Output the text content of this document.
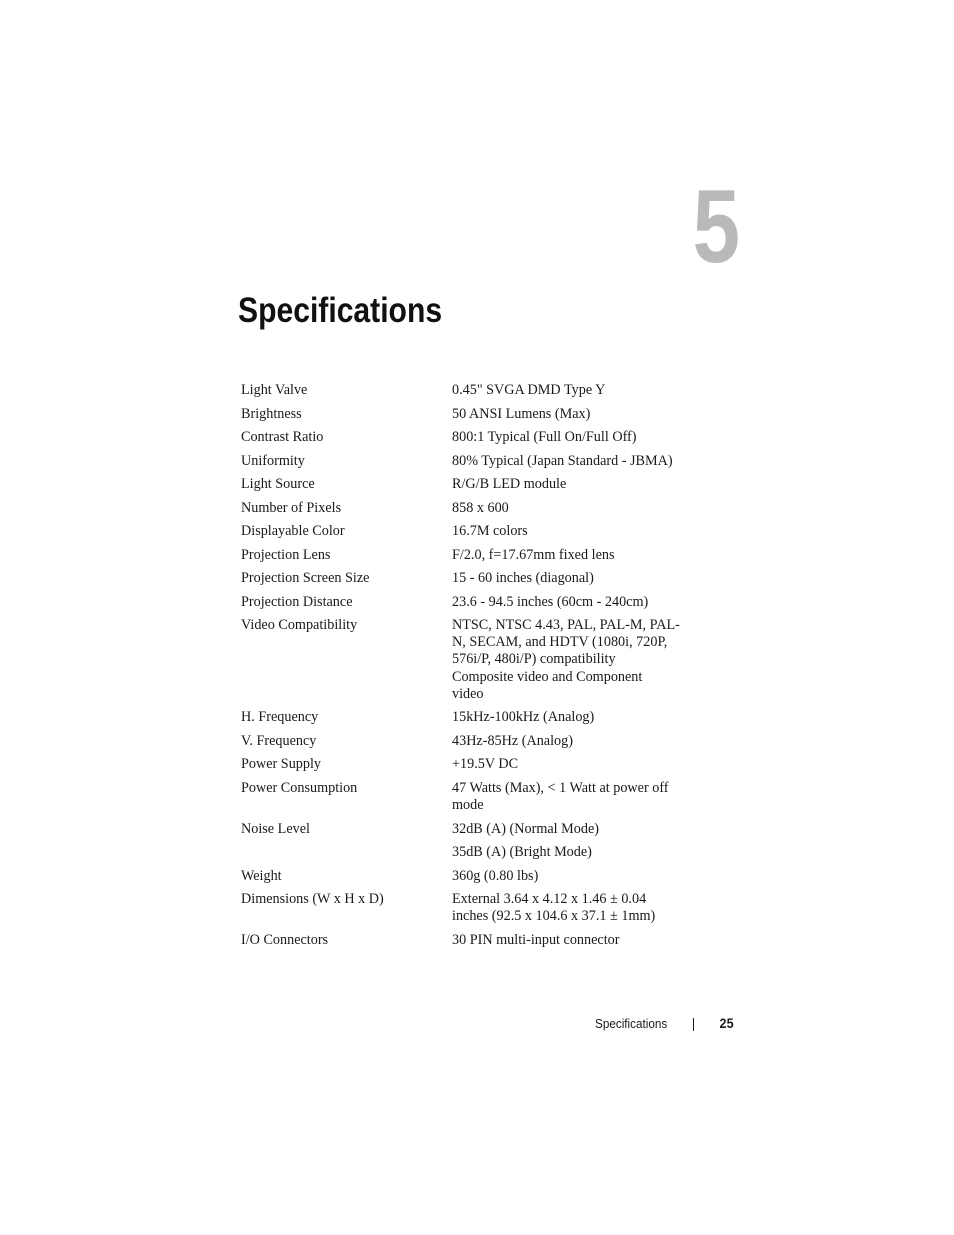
5
Specifications
Light Valve	0.45" SVGA DMD Type Y

Brightness	50 ANSI Lumens (Max)

Contrast Ratio	800:1 Typical (Full On/Full Off)

Uniformity	80% Typical (Japan Standard - JBMA)

Light Source	R/G/B LED module

Number of Pixels	858 x 600

Displayable Color	16.7M colors

Projection Lens	F/2.0, f=17.67mm fixed lens

Projection Screen Size	15 - 60 inches (diagonal)

Projection Distance	23.6 - 94.5 inches (60cm - 240cm)

Video Compatibility	NTSC, NTSC 4.43, PAL, PAL-M, PAL-
N, SECAM, and HDTV (1080i, 720P,
576i/P, 480i/P) compatibility
Composite video and Component
video

H. Frequency	15kHz-100kHz (Analog)

V. Frequency	43Hz-85Hz (Analog)

Power Supply	+19.5V DC

Power Consumption	47 Watts (Max), < 1 Watt at power off
mode

Noise Level	32dB (A) (Normal Mode)

	35dB (A) (Bright Mode)

Weight	360g (0.80 lbs)

Dimensions (W x H x D)	External 3.64 x 4.12 x 1.46 ± 0.04
inches (92.5 x 104.6 x 37.1 ± 1mm)

I/O Connectors	30 PIN multi-input connector
Specifications	25
